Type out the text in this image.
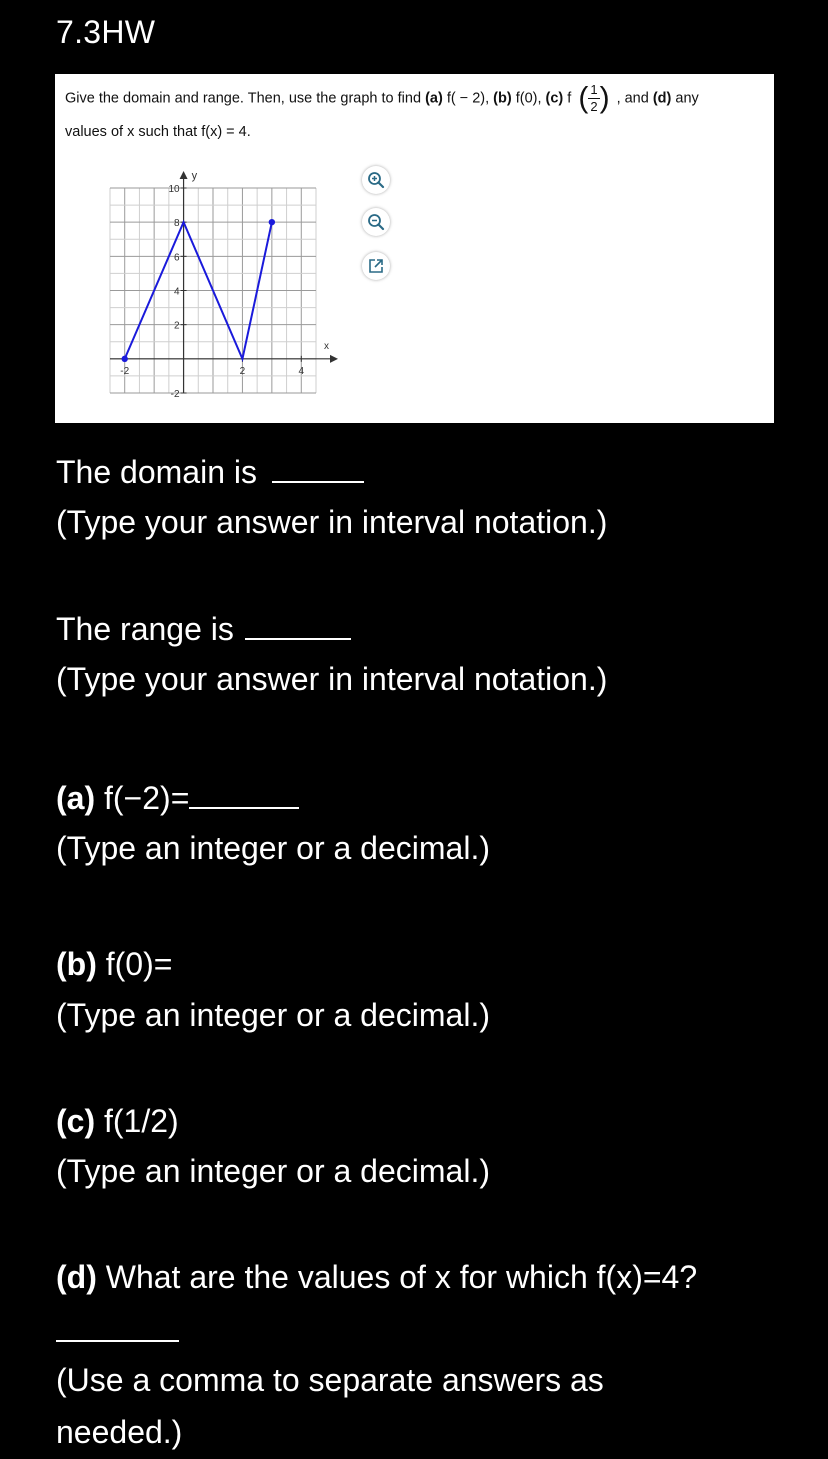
7.3HW
Give the domain and range. Then, use the graph to find (a) f( − 2), (b) f(0), (c) f ( $\frac{1}{2}$ ) , and (d) any
values of x such that f(x) = 4.
x
y
-2	2	4
-2
2
4
6
8
10
The domain is
(Type your answer in interval notation.)
The range is
(Type your answer in interval notation.)
(a) f(−2)=
(Type an integer or a decimal.)
(b) f(0)=
(Type an integer or a decimal.)
(c) f(1/2)
(Type an integer or a decimal.)
(d) What are the values of x for which f(x)=4?
(Use a comma to separate answers as
needed.)
